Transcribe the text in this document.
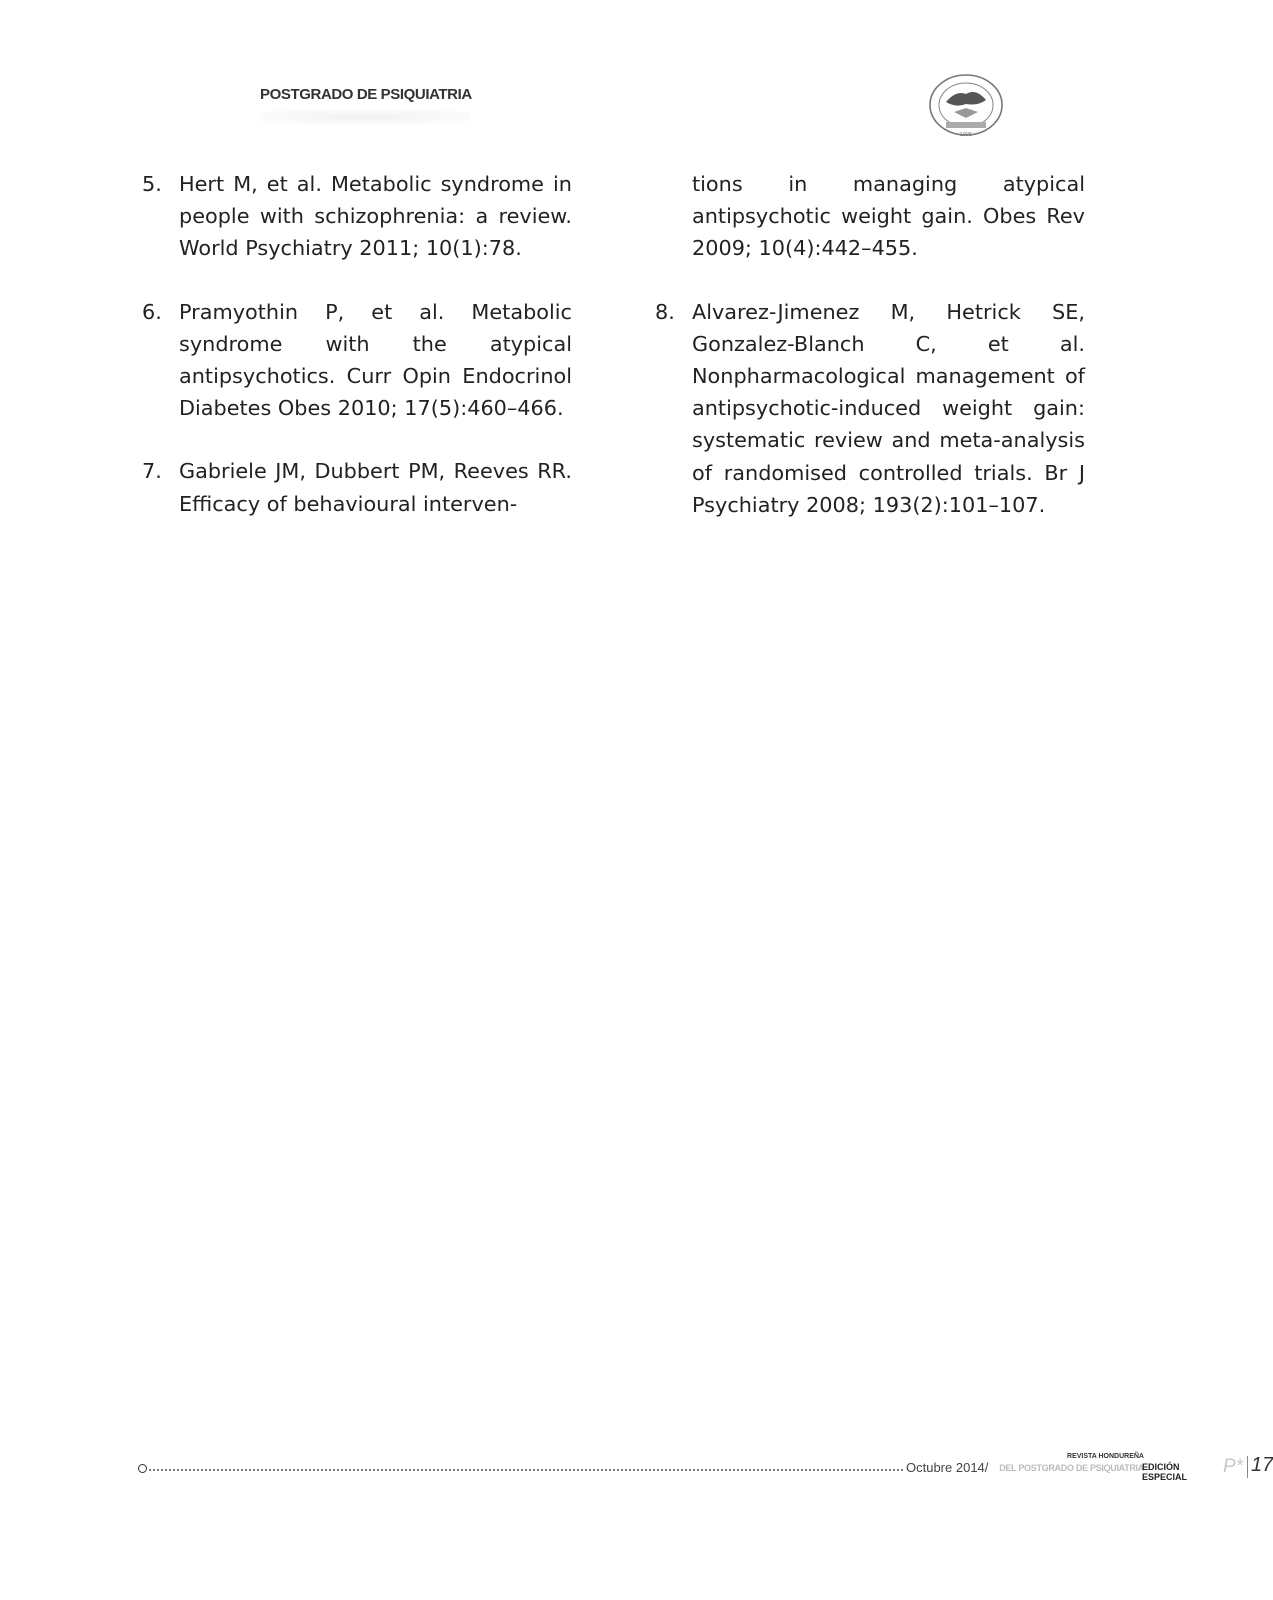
POSTGRADO DE PSIQUIATRIA
1995
5. Hert M, et al. Metabolic syndrome in people with schizophrenia: a review. World Psychiatry 2011; 10(1):78.
6. Pramyothin P, et al. Metabolic syndrome with the atypical antipsychotics. Curr Opin Endocrinol Diabetes Obes 2010; 17(5):460–466.
7. Gabriele JM, Dubbert PM, Reeves RR. Efficacy of behavioural interven-
tions in managing atypical antipsychotic weight gain. Obes Rev 2009; 10(4):442–455.
8. Alvarez-Jimenez M, Hetrick SE, Gonzalez-Blanch C, et al. Nonpharmacological management of antipsychotic-induced weight gain: systematic review and meta-analysis of randomised controlled trials. Br J Psychiatry 2008; 193(2):101–107.
Octubre 2014/
REVISTA HONDUREÑA
DEL POSTGRADO DE PSIQUIATRIA
EDICIÓN ESPECIAL P* 17
